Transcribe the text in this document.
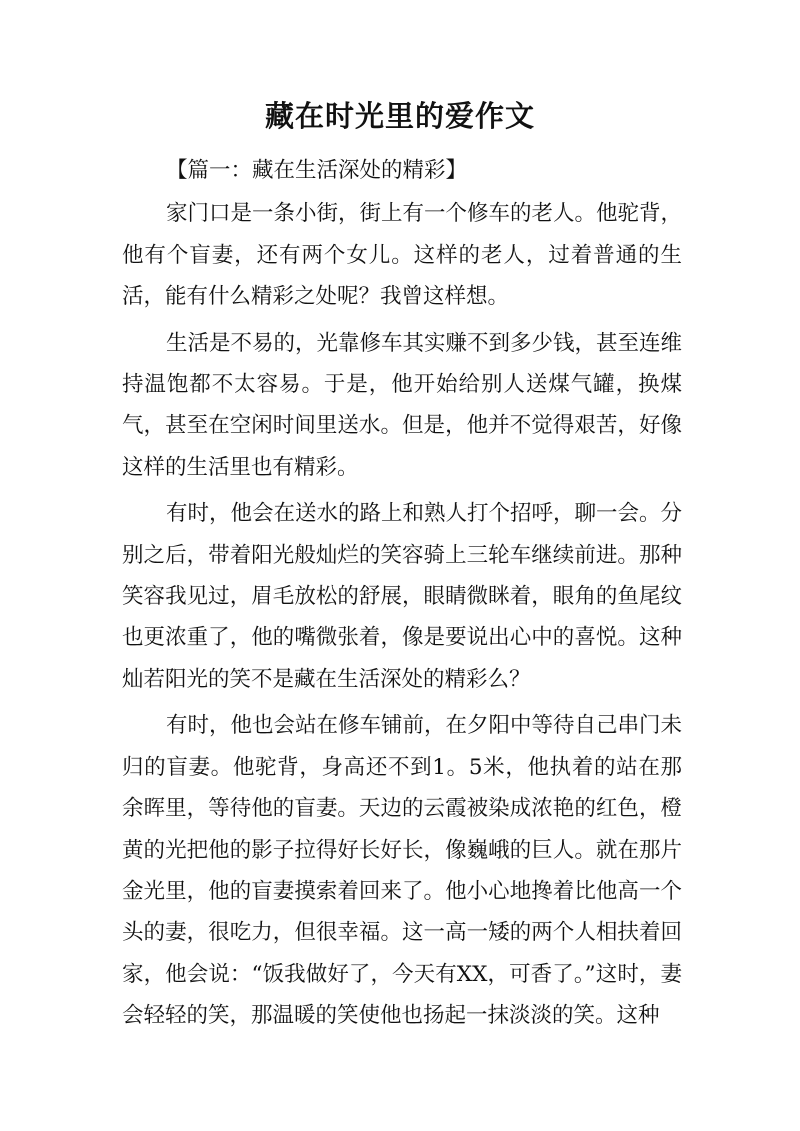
藏在时光里的爱作文

【篇一：藏在生活深处的精彩】

家门口是一条小街，街上有一个修车的老人。他驼背，他有个盲妻，还有两个女儿。这样的老人，过着普通的生活，能有什么精彩之处呢？我曾这样想。

生活是不易的，光靠修车其实赚不到多少钱，甚至连维持温饱都不太容易。于是，他开始给别人送煤气罐，换煤气，甚至在空闲时间里送水。但是，他并不觉得艰苦，好像这样的生活里也有精彩。

有时，他会在送水的路上和熟人打个招呼，聊一会。分别之后，带着阳光般灿烂的笑容骑上三轮车继续前进。那种笑容我见过，眉毛放松的舒展，眼睛微眯着，眼角的鱼尾纹也更浓重了，他的嘴微张着，像是要说出心中的喜悦。这种灿若阳光的笑不是藏在生活深处的精彩么？

有时，他也会站在修车铺前，在夕阳中等待自己串门未归的盲妻。他驼背，身高还不到1。5米，他执着的站在那余晖里，等待他的盲妻。天边的云霞被染成浓艳的红色，橙黄的光把他的影子拉得好长好长，像巍峨的巨人。就在那片金光里，他的盲妻摸索着回来了。他小心地搀着比他高一个头的妻，很吃力，但很幸福。这一高一矮的两个人相扶着回家，他会说：“饭我做好了，今天有XX，可香了。”这时，妻会轻轻的笑，那温暖的笑使他也扬起一抹淡淡的笑。这种
